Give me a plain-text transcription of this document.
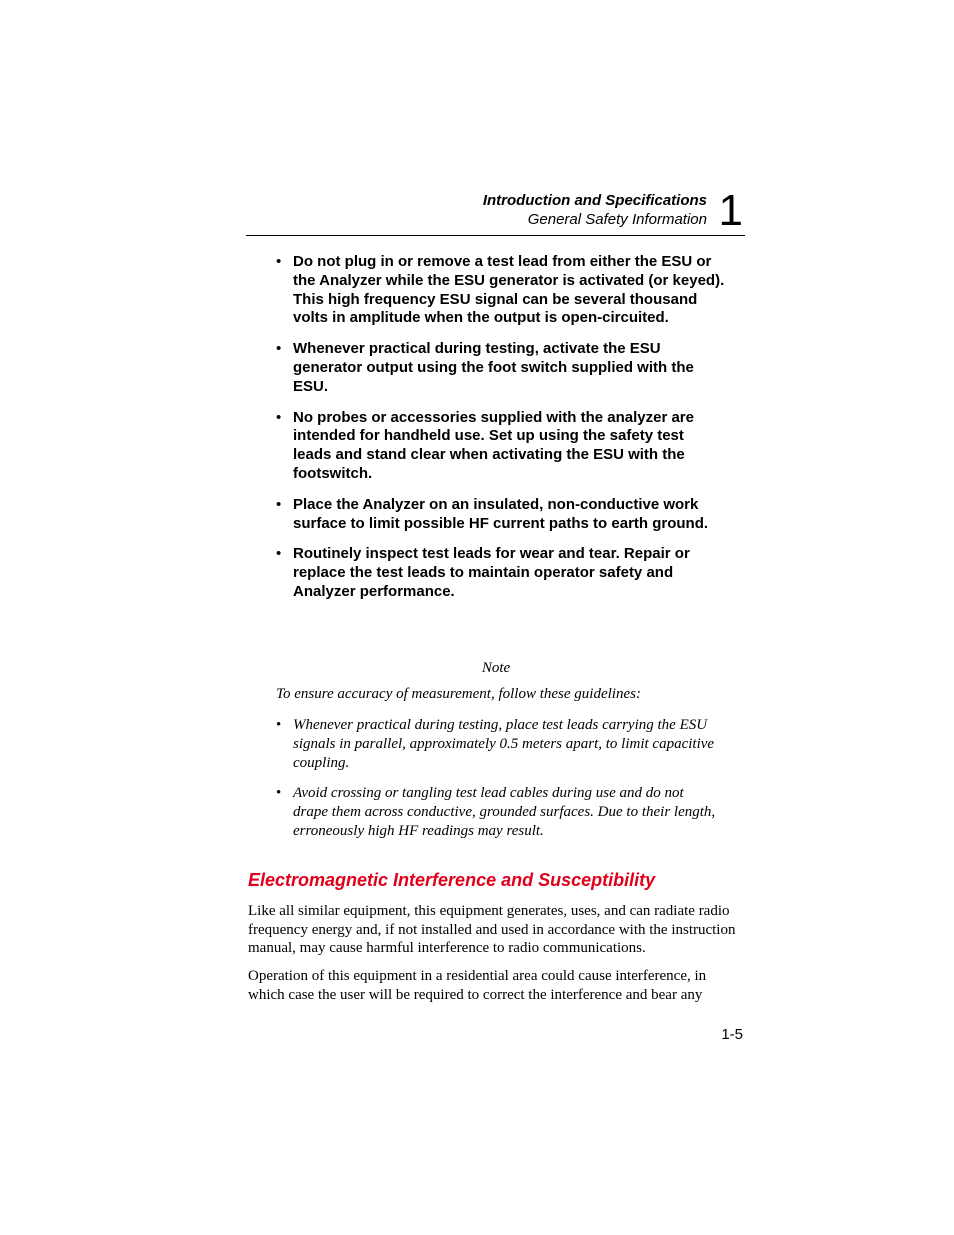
Introduction and Specifications
General Safety Information 1
• Do not plug in or remove a test lead from either the ESU or the Analyzer while the ESU generator is activated (or keyed). This high frequency ESU signal can be several thousand volts in amplitude when the output is open-circuited.
• Whenever practical during testing, activate the ESU generator output using the foot switch supplied with the ESU.
• No probes or accessories supplied with the analyzer are intended for handheld use. Set up using the safety test leads and stand clear when activating the ESU with the footswitch.
• Place the Analyzer on an insulated, non-conductive work surface to limit possible HF current paths to earth ground.
• Routinely inspect test leads for wear and tear. Repair or replace the test leads to maintain operator safety and Analyzer performance.
Note
To ensure accuracy of measurement, follow these guidelines:
• Whenever practical during testing, place test leads carrying the ESU signals in parallel, approximately 0.5 meters apart, to limit capacitive coupling.
• Avoid crossing or tangling test lead cables during use and do not drape them across conductive, grounded surfaces. Due to their length, erroneously high HF readings may result.
Electromagnetic Interference and Susceptibility

Like all similar equipment, this equipment generates, uses, and can radiate radio frequency energy and, if not installed and used in accordance with the instruction manual, may cause harmful interference to radio communications.

Operation of this equipment in a residential area could cause interference, in which case the user will be required to correct the interference and bear any

1-5
